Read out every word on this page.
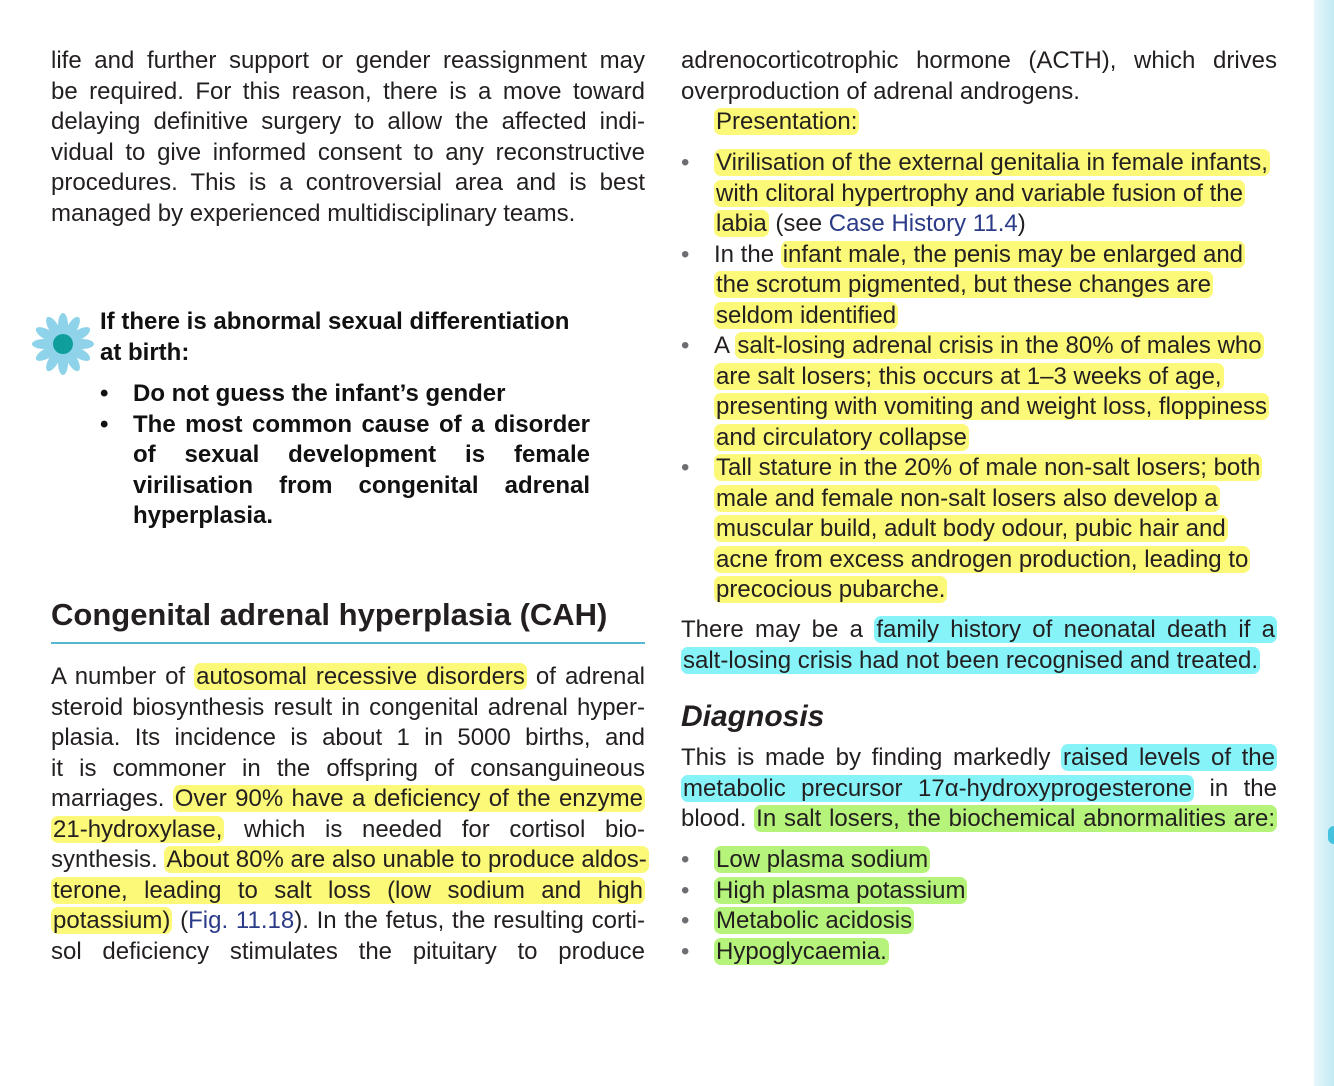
life and further support or gender reassignment may
be required. For this reason, there is a move toward
delaying definitive surgery to allow the affected indi-
vidual to give informed consent to any reconstructive
procedures. This is a controversial area and is best
managed by experienced multidisciplinary teams.

If there is abnormal sexual differentiation
at birth:
• Do not guess the infant’s gender
• The most common cause of a disorder of sexual development is female virilisation from congenital adrenal hyperplasia.
Congenital adrenal hyperplasia (CAH)

A number of autosomal recessive disorders of adrenal
steroid biosynthesis result in congenital adrenal hyper-
plasia. Its incidence is about 1 in 5000 births, and
it is commoner in the offspring of consanguineous
marriages. Over 90% have a deficiency of the enzyme
21-hydroxylase, which is needed for cortisol bio-
synthesis. About 80% are also unable to produce aldos-
terone, leading to salt loss (low sodium and high
potassium) (Fig. 11.18). In the fetus, the resulting corti-
sol deficiency stimulates the pituitary to produce

adrenocorticotrophic hormone (ACTH), which drives
overproduction of adrenal androgens.

Presentation:

• Virilisation of the external genitalia in female infants, with clitoral hypertrophy and variable fusion of the labia (see Case History 11.4)
• In the infant male, the penis may be enlarged and the scrotum pigmented, but these changes are seldom identified
• A salt-losing adrenal crisis in the 80% of males who are salt losers; this occurs at 1–3 weeks of age, presenting with vomiting and weight loss, floppiness and circulatory collapse
• Tall stature in the 20% of male non-salt losers; both male and female non-salt losers also develop a muscular build, adult body odour, pubic hair and acne from excess androgen production, leading to precocious pubarche.

There may be a family history of neonatal death if a salt-losing crisis had not been recognised and treated.

Diagnosis

This is made by finding markedly raised levels of the
metabolic precursor 17α-hydroxyprogesterone in the
blood. In salt losers, the biochemical abnormalities are:

• Low plasma sodium
• High plasma potassium
• Metabolic acidosis
• Hypoglycaemia.
